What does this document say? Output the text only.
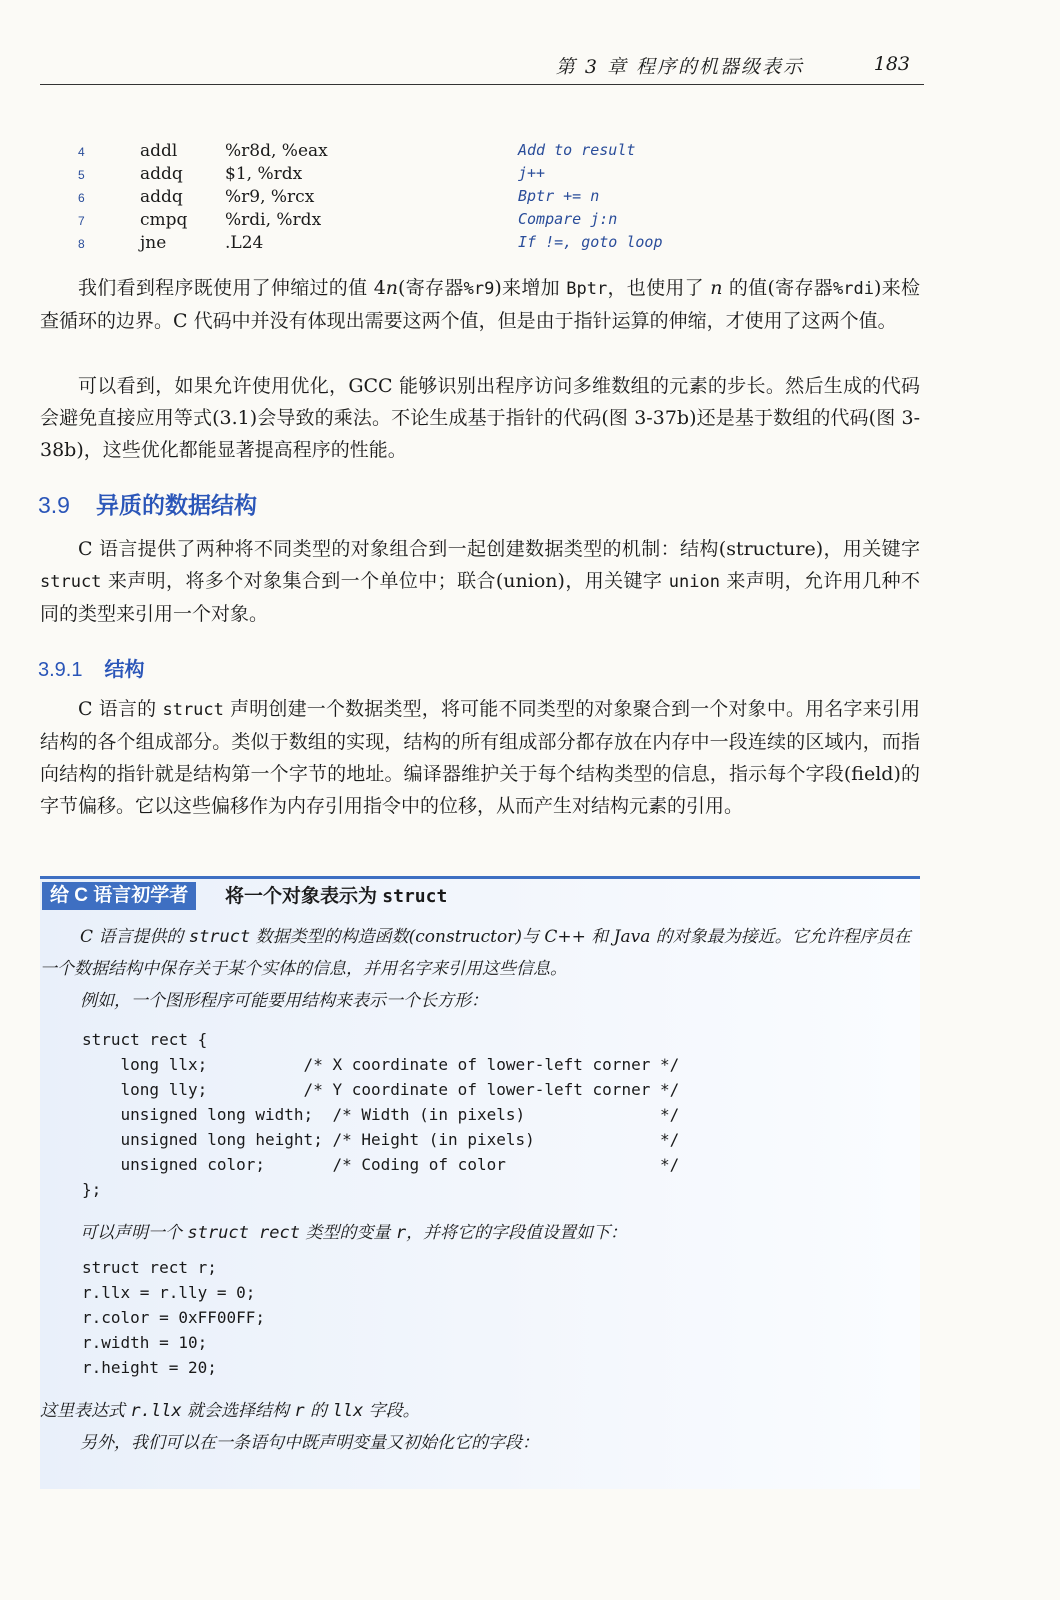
第 3 章 程序的机器级表示	183
4	addl	%r8d, %eax	Add to result
5	addq $1, %rdx	j++
6	addq %r9, %rcx	Bptr += n
7	cmpq %rdi, %rdx	Compare j:n
8	jne	.L24	If !=, goto loop

我们看到程序既使用了伸缩过的值 4n(寄存器%r9)来增加 Bptr，也使用了 n 的值(寄存器%rdi)来检查循环的边界。C 代码中并没有体现出需要这两个值，但是由于指针运算的伸缩，才使用了这两个值。

可以看到，如果允许使用优化，GCC 能够识别出程序访问多维数组的元素的步长。然后生成的代码会避免直接应用等式(3.1)会导致的乘法。不论生成基于指针的代码(图 3-37b)还是基于数组的代码(图 3-38b)，这些优化都能显著提高程序的性能。

3.9 异质的数据结构

C 语言提供了两种将不同类型的对象组合到一起创建数据类型的机制：结构(structure)，用关键字 struct 来声明，将多个对象集合到一个单位中；联合(union)，用关键字 union 来声明，允许用几种不同的类型来引用一个对象。

3.9.1 结构

C 语言的 struct 声明创建一个数据类型，将可能不同类型的对象聚合到一个对象中。用名字来引用结构的各个组成部分。类似于数组的实现，结构的所有组成部分都存放在内存中一段连续的区域内，而指向结构的指针就是结构第一个字节的地址。编译器维护关于每个结构类型的信息，指示每个字段(field)的字节偏移。它以这些偏移作为内存引用指令中的位移，从而产生对结构元素的引用。

给 C 语言初学者	将一个对象表示为 struct
C 语言提供的 struct 数据类型的构造函数(constructor)与 C++ 和 Java 的对象最为接近。它允许程序员在一个数据结构中保存关于某个实体的信息，并用名字来引用这些信息。
例如，一个图形程序可能要用结构来表示一个长方形：
struct rect {
long llx;          /* X coordinate of lower-left corner */
long lly;          /* Y coordinate of lower-left corner */
unsigned long width;  /* Width (in pixels)              */
unsigned long height; /* Height (in pixels)             */
unsigned color;       /* Coding of color                */
};
可以声明一个 struct rect 类型的变量 r，并将它的字段值设置如下：
struct rect r;
r.llx = r.lly = 0;
r.color = 0xFF00FF;
r.width = 10;
r.height = 20;
这里表达式 r.llx 就会选择结构 r 的 llx 字段。
另外，我们可以在一条语句中既声明变量又初始化它的字段：
